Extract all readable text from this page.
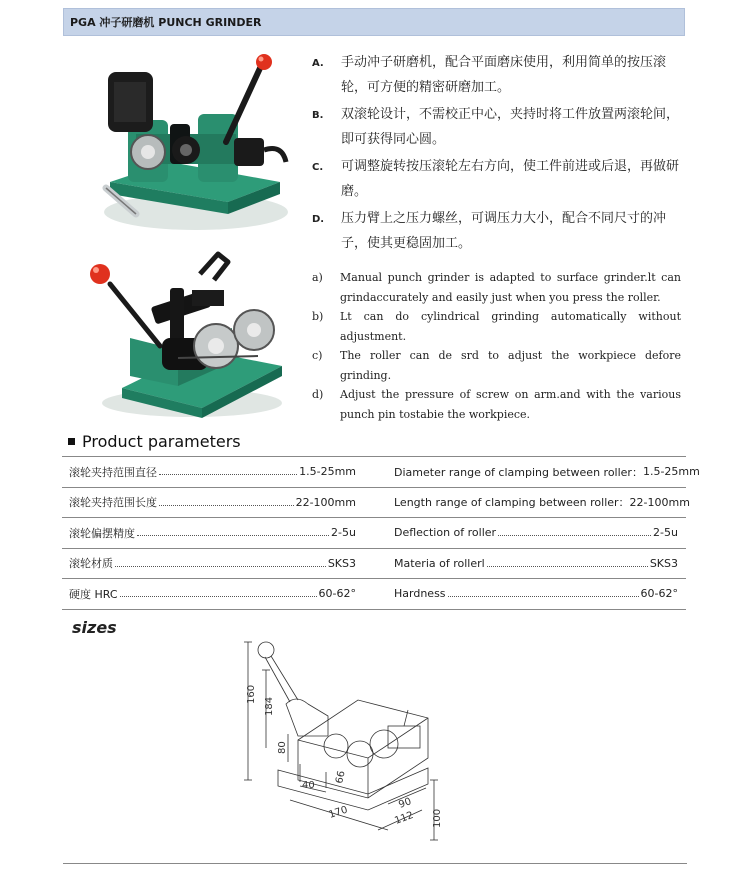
PGA 冲子研磨机 PUNCH GRINDER
A.	手动冲子研磨机，配合平面磨床使用，利用简单的按压滚轮，可方便的精密研磨加工。
B.	双滚轮设计，不需校正中心，夹持时将工件放置两滚轮间，即可获得同心圆。
C.	可调整旋转按压滚轮左右方向，使工件前进或后退，再做研磨。
D.	压力臂上之压力螺丝，可调压力大小，配合不同尺寸的冲子，使其更稳固加工。
a)	Manual punch grinder is adapted to surface grinder.lt can grindaccurately and easily just when you press the roller.
b)	Lt can do cylindrical grinding automatically without adjustment.
c)	The roller can de srd to adjust the workpiece defore grinding.
d)	Adjust the pressure of screw on arm.and with the various punch pin tostabie the workpiece.
Product parameters
滚轮夹持范围直径	1.5-25mm	Diameter range of clamping between roller： 1.5-25mm
滚轮夹持范围长度	22-100mm	Length range of clamping between roller： 22-100mm
滚轮偏摆精度	2-5u	Deflection of roller	2-5u
滚轮材质	SKS3	Materia of rollerl	SKS3
硬度 HRC	60-62°	Hardness	60-62°
sizes
160
184
80
40
66
170
90
112 100
